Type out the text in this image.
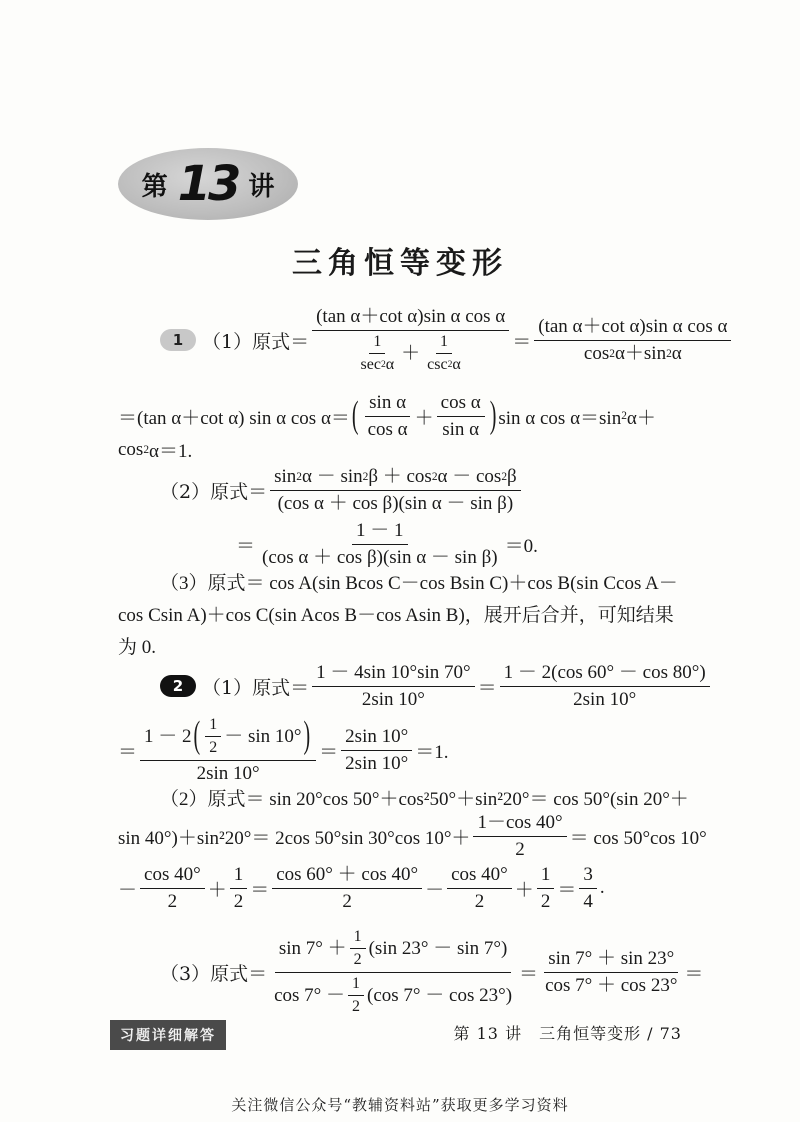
第 13 讲
三角恒等变形
1 （1）原式＝ $\frac{\text{(tan α＋cot α)sin α cos α}}{\frac{1}{\sec 2 \alpha} + \frac{1}{\csc 2 \alpha}} = \frac{\text{(tan α＋cot α)sin α cos α}}{\cos 2 \alpha+\sin 2 \alpha}$
＝(tan α＋cot α) sin α cos α＝ ( $\frac{\text{sin α}}{\text{cos α}} + \frac{\text{cos α}}{\text{sin α}}$ ) sin α cos α＝sin 2 α＋
cos 2 α＝1.
（2）原式＝ $\frac{\sin 2 \alpha - \sin 2 \beta + \cos 2 \alpha - \cos 2 \beta}{\text{(cos α ＋ cos β)(sin α － sin β)}}$
＝ $\frac{1 - 1}{\text{(cos α ＋ cos β)(sin α － sin β)}} =0$.
（3）原式＝ cos A(sin Bcos C－cos Bsin C)＋cos B(sin Ccos A－
cos Csin A)＋cos C(sin Acos B－cos Asin B)，展开后合并，可知结果
为 0.
2 （1）原式＝ $\frac{1 - 4\sin 10^\circ\sin 70^\circ}{2\sin 10^\circ} = \frac{1 - 2(\cos 60^\circ - \cos 80^\circ)}{2\sin 10^\circ}$
＝ $\frac{1 - 2 ( \frac{1}{2} - \sin 10^\circ )}{2\sin 10^\circ} = \frac{2\sin 10^\circ}{2\sin 10^\circ} =1$.
（2）原式＝ sin 20°cos 50°＋cos²50°＋sin²20°＝ cos 50°(sin 20°＋
sin 40°)＋sin²20°＝ 2cos 50°sin 30°cos $10^\circ+ \frac{1-\cos 40^\circ}{2} = \cos 50^\circ\cos$ 10°
－ $\frac{\cos 40^\circ}{2} + \frac{1}{2} = \frac{\cos 60^\circ + \cos 40^\circ}{2} - \frac{\cos 40^\circ}{2} + \frac{1}{2} = \frac{3}{4}$ .
（3）原式＝ $\frac{\sin 7^\circ + \frac{1}{2} (\sin 23^\circ - \sin 7^\circ)}{\cos 7^\circ - \frac{1}{2} (\cos 7^\circ - \cos 23^\circ)} = \frac{\sin 7^\circ + \sin 23^\circ}{\cos 7^\circ + \cos 23^\circ}$ ＝
习题详细解答	第 13 讲　三角恒等变形 / 73
关注微信公众号“教辅资料站”获取更多学习资料
